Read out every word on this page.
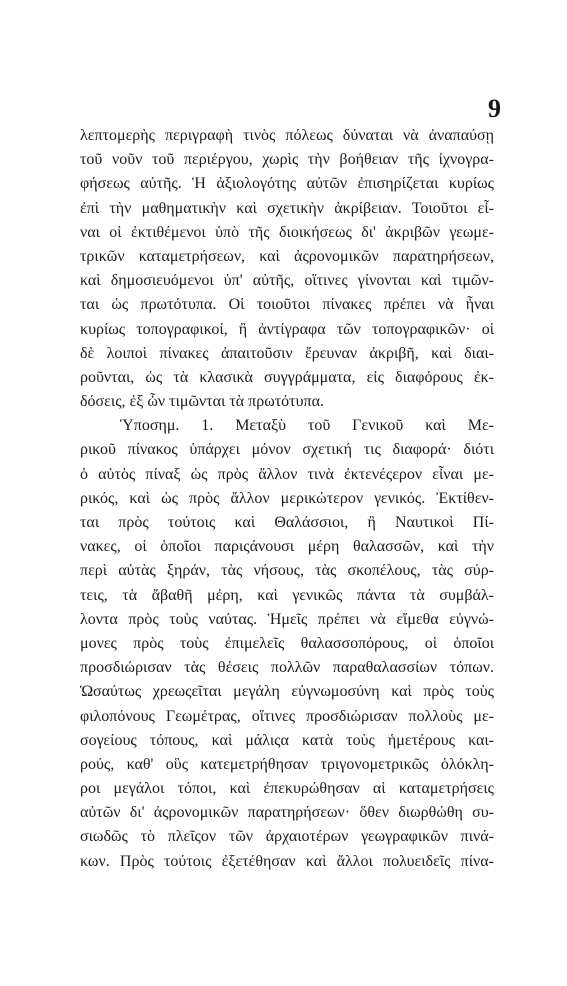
9
λεπτομερὴς περιγραφὴ τινὸς πόλεως δύναται νὰ ἀναπαύσῃ
τοῦ νοῦν τοῦ περιέργου, χωρὶς τὴν βοήθειαν τῆς ἰχνογρα-
φήσεως αὐτῆς. Ἡ ἀξιολογότης αὐτῶν ἐπισηρίζεται κυρίως
ἐπὶ τὴν μαθηματικὴν καὶ σχετικὴν ἀκρίβειαν. Τοιοῦτοι εἶ-
ναι οἱ ἐκτιθέμενοι ὑπὸ τῆς διοικήσεως δι' ἀκριβῶν γεωμε-
τρικῶν καταμετρήσεων, καὶ ἀςρονομικῶν παρατηρήσεων,
καὶ δημοσιευόμενοι ὑπ' αὐτῆς, οἵτινες γίνονται καὶ τιμῶν-
ται ὡς πρωτότυπα. Οἱ τοιοῦτοι πίνακες πρέπει νὰ ἦναι
κυρίως τοπογραφικοί, ἢ ἀντίγραφα τῶν τοπογραφικῶν· οἱ
δὲ λοιποὶ πίνακες ἀπαιτοῦσιν ἔρευναν ἀκριβῆ, καὶ διαι-
ροῦνται, ὡς τὰ κλασικὰ συγγράμματα, εἰς διαφόρους ἐκ-
δόσεις, ἐξ ὧν τιμῶνται τὰ πρωτότυπα.
Ὑποσημ. 1. Μεταξὺ τοῦ Γενικοῦ καὶ Με-
ρικοῦ πίνακος ὑπάρχει μόνον σχετική τις διαφορά· διότι
ὁ αὐτὸς πίναξ ὡς πρὸς ἄλλον τινὰ ἐκτενέςερον εἶναι με-
ρικός, καὶ ὡς πρὸς ἄλλον μερικώτερον γενικός. Ἐκτίθεν-
ται πρὸς τούτοις καὶ Θαλάσσιοι, ἢ Ναυτικοὶ Πί-
νακες, οἱ ὁποῖοι παριςάνουσι μέρη θαλασσῶν, καὶ τὴν
περὶ αὐτὰς ξηράν, τὰς νήσους, τὰς σκοπέλους, τὰς σύρ-
τεις, τὰ ἄβαθῆ μέρη, καὶ γενικῶς πάντα τὰ συμβάλ-
λοντα πρὸς τοὺς ναύτας. Ἡμεῖς πρέπει νὰ εἴμεθα εὐγνώ-
μονες πρὸς τοὺς ἐπιμελεῖς θαλασσοπόρους, οἱ ὁποῖοι
προσδιώρισαν τὰς θέσεις πολλῶν παραθαλασσίων τόπων.
Ὡσαύτως χρεωςεῖται μεγάλη εὐγνωμοσύνη καὶ πρὸς τοὺς
φιλοπόνους Γεωμέτρας, οἵτινες προσδιώρισαν πολλοὺς με-
σογείους τόπους, καὶ μάλιςα κατὰ τοὺς ἡμετέρους και-
ρούς, καθ' οὓς κατεμετρήθησαν τριγονομετρικῶς ὁλόκλη-
ροι μεγάλοι τόποι, καὶ ἐπεκυρώθησαν αἱ καταμετρήσεις
αὐτῶν δι' ἀςρονομικῶν παρατηρήσεων· ὅθεν διωρθώθη συ-
σιωδῶς τὸ πλεῖςον τῶν ἀρχαιοτέρων γεωγραφικῶν πινά-
κων. Πρὸς τούτοις ἐξετέθησαν καὶ ἄλλοι πολυειδεῖς πίνα-
